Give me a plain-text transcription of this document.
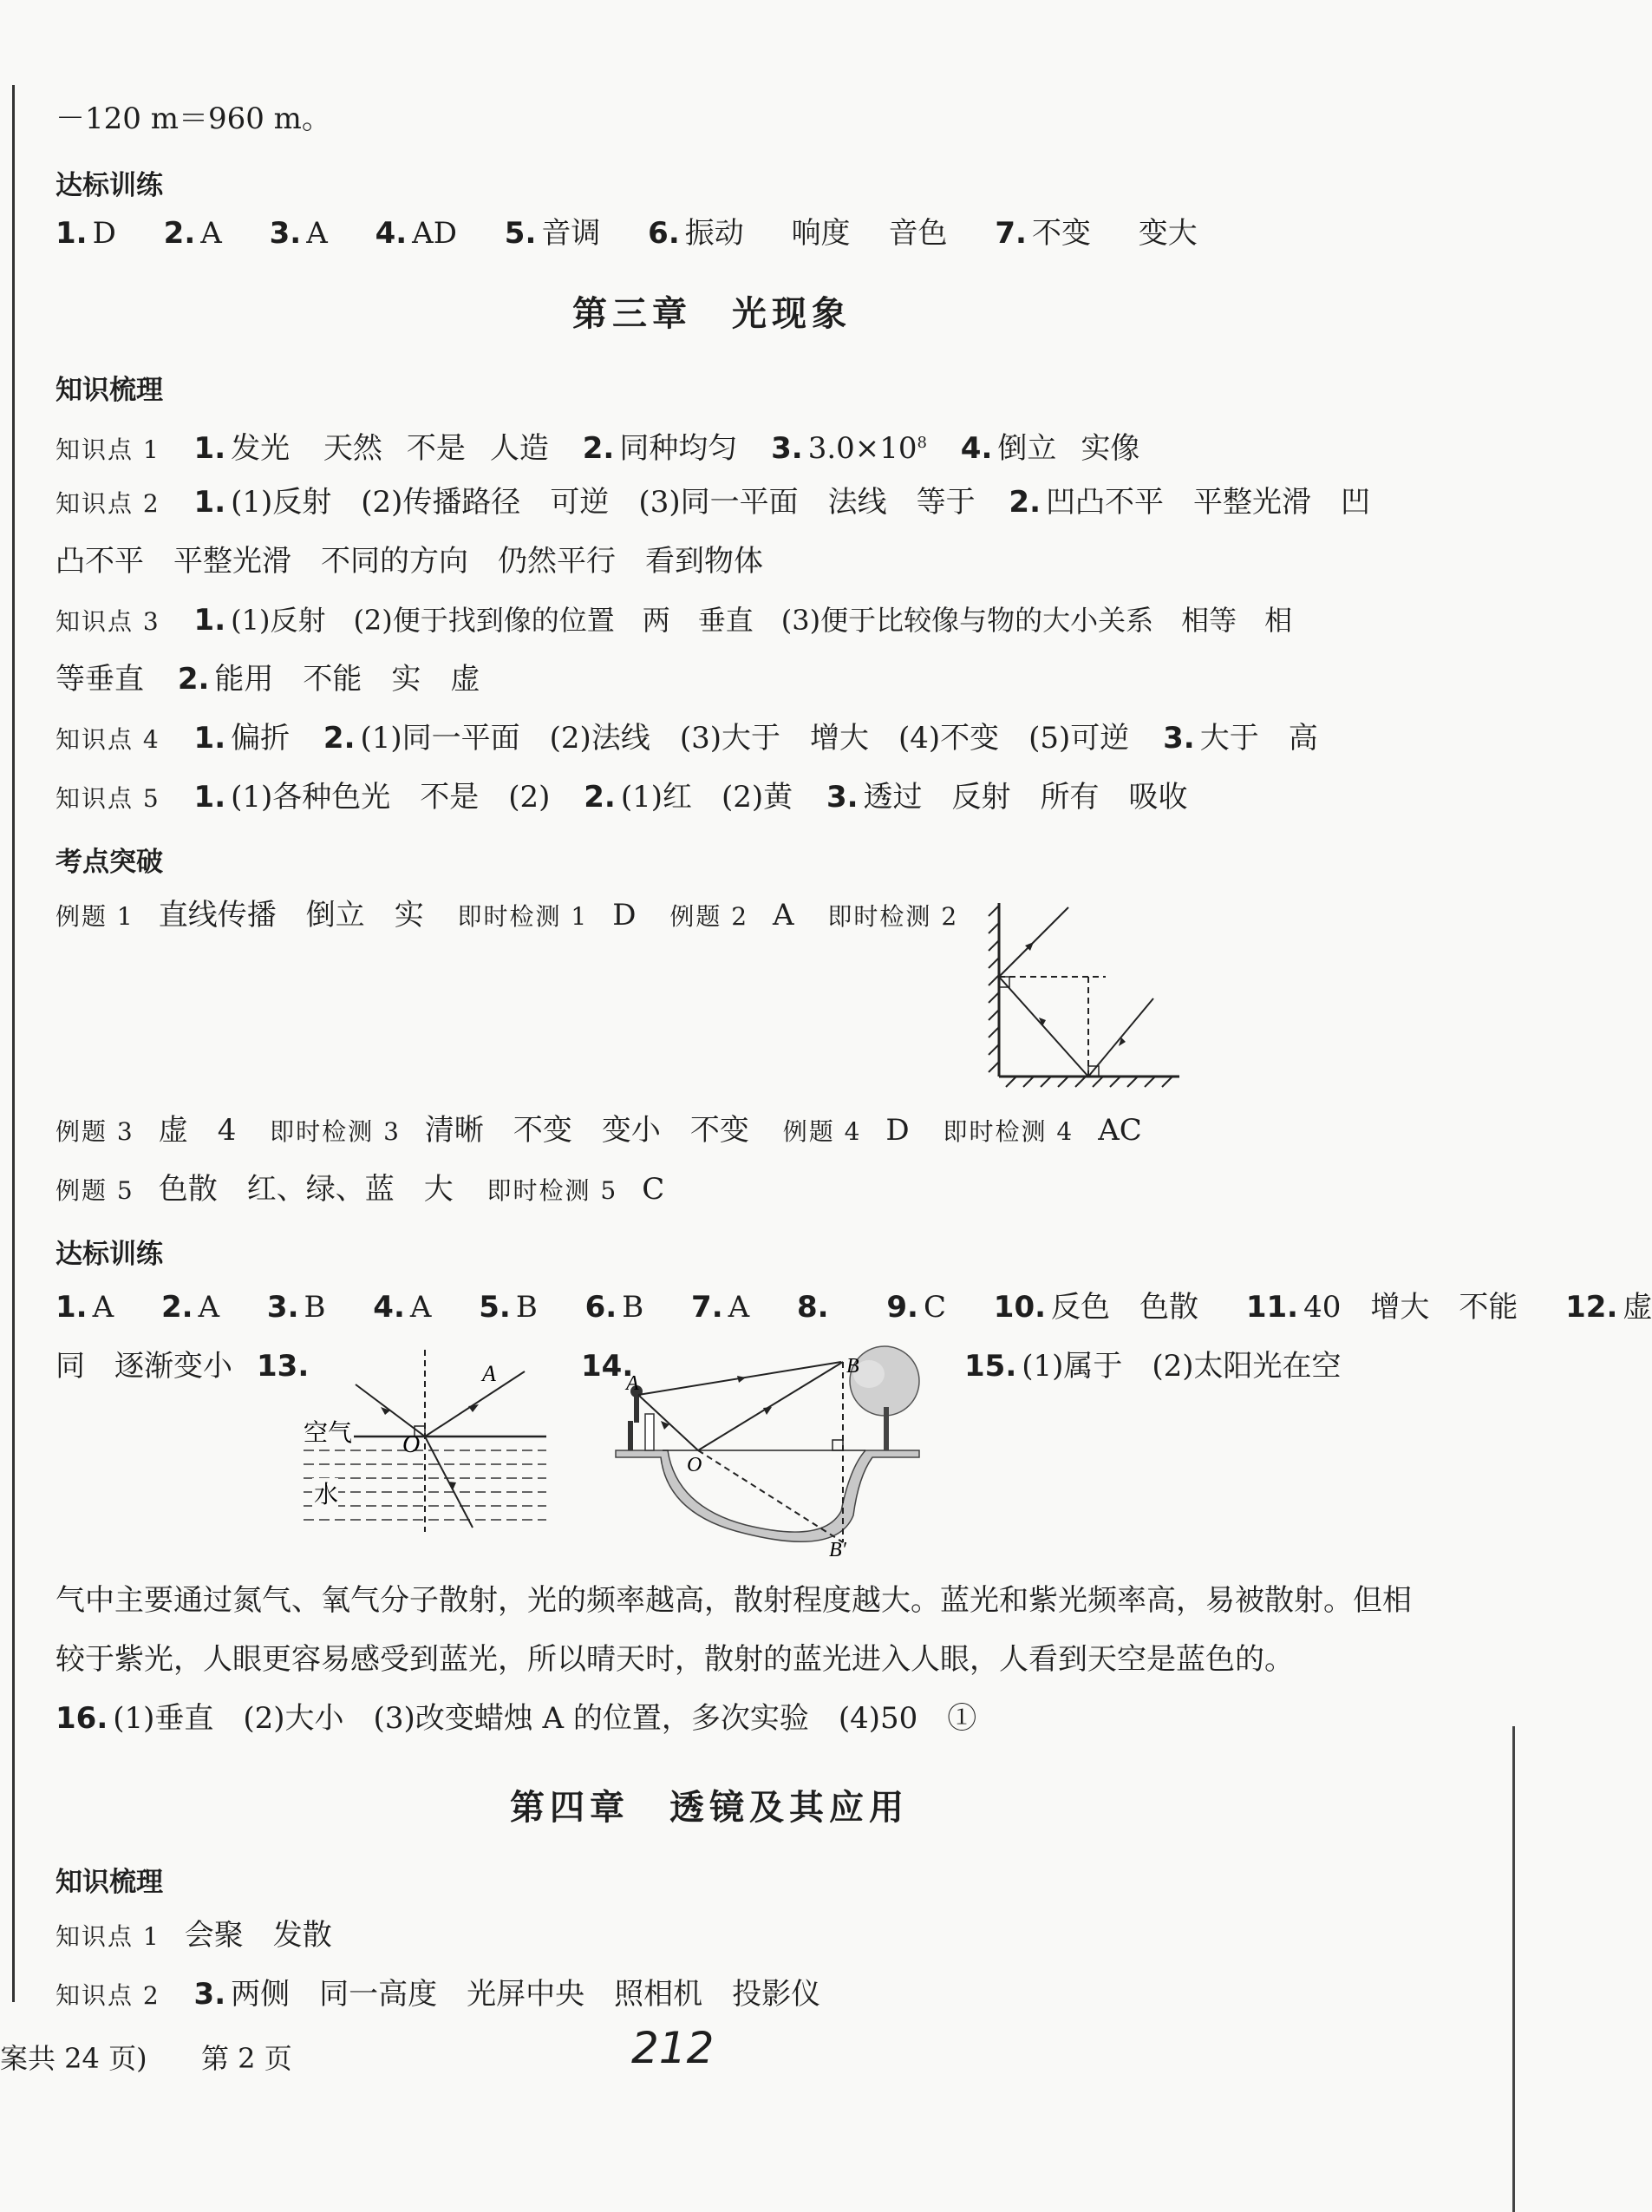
－120 m＝960 m。
达标训练
1. D 2. A 3. A 4. AD 5. 音调 6. 振动 响度 音色 7. 不变 变大
第三章　光现象
知识梳理
知识点 1 1. 发光 天然 不是 人造 2. 同种均匀 3. $3.0\times 10^8$ 4. 倒立 实像
知识点 2 1. (1)反射　(2)传播路径　可逆　(3)同一平面　法线　等于 2. 凹凸不平　平整光滑　凹
凸不平　平整光滑　不同的方向　仍然平行　看到物体
知识点 3 1. (1)反射　(2)便于找到像的位置　两　垂直　(3)便于比较像与物的大小关系　相等　相
等垂直 2. 能用　不能　实　虚
知识点 4 1. 偏折 2. (1)同一平面　(2)法线　(3)大于　增大　(4)不变　(5)可逆 3. 大于　高
知识点 5 1. (1)各种色光　不是　(2) 2. (1)红　(2)黄 3. 透过　反射　所有　吸收
考点突破
例题 1 直线传播　倒立　实 即时检测 1 D 例题 2 A 即时检测 2
例题 3 虚　4 即时检测 3 清晰　不变　变小　不变 例题 4 D 即时检测 4 AC
例题 5 色散　红、绿、蓝　大 即时检测 5 C
达标训练
1. A 2. A 3. B 4. A 5. B 6. B 7. A 8. 9. C 10. 反色　色散 11. 40　增大　不能 12. 虚
同　逐渐变小 13.	14.	15. (1)属于　(2)太阳光在空
空气
水
O
A	A
B
O
B′
气中主要通过氮气、氧气分子散射，光的频率越高，散射程度越大。蓝光和紫光频率高，易被散射。但相
较于紫光，人眼更容易感受到蓝光，所以晴天时，散射的蓝光进入人眼，人看到天空是蓝色的。
16. (1)垂直　(2)大小　(3)改变蜡烛 A 的位置，多次实验　(4)50　①
第四章　透镜及其应用
知识梳理
知识点 1 会聚　发散
知识点 2 3. 两侧　同一高度　光屏中央　照相机　投影仪
案共 24 页) 第 2 页	212
